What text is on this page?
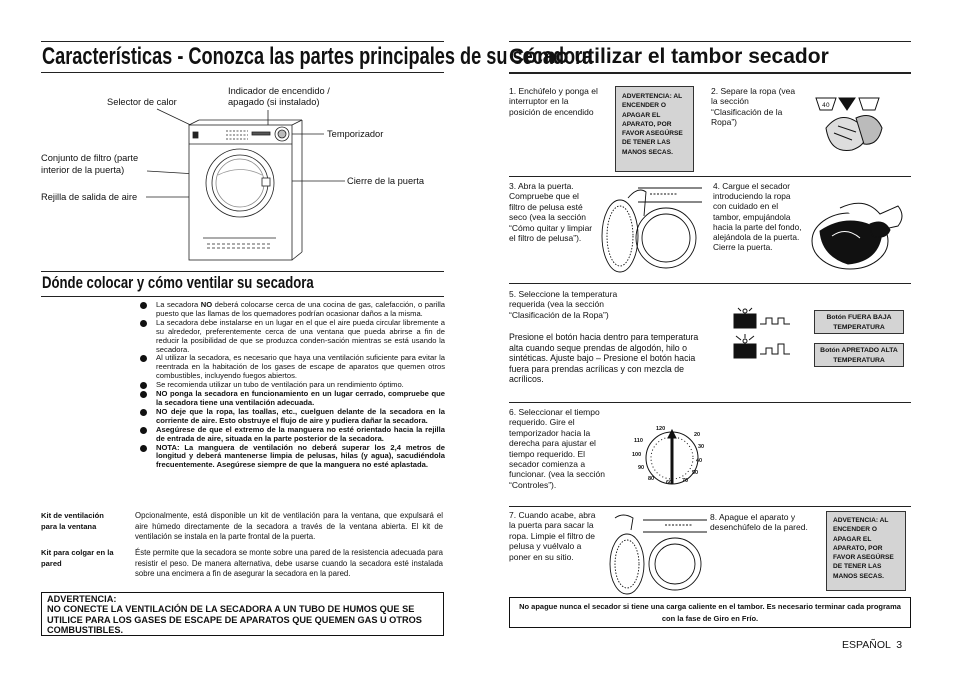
Características - Conozca las partes principales de su secadora
Selector de calor
Indicador de encendido /
apagado (si instalado)
Temporizador
Conjunto de filtro (parte
interior de la puerta)
Cierre de la puerta
Rejilla de salida de aire
Dónde colocar y cómo ventilar su secadora
La secadora NO deberá colocarse cerca de una cocina de gas, calefacción, o parilla puesto que las llamas de los quemadores podrían ocasionar daños a la misma.
La secadora debe instalarse en un lugar en el que el aire pueda circular libremente a su alrededor, preferentemente cerca de una ventana que pueda abrirse a fin de reducir la posibilidad de que se produzca conden-sación mientras se está usando la secadora.
Al utilizar la secadora, es necesario que haya una ventilación suficiente para evitar la reentrada en la habitación de los gases de escape de aparatos que quemen otros combustibles, incluyendo fuegos abiertos.
Se recomienda utilizar un tubo de ventilación para un rendimiento óptimo.
NO ponga la secadora en funcionamiento en un lugar cerrado, compruebe que la secadora tiene una ventilación adecuada.
NO deje que la ropa, las toallas, etc., cuelguen delante de la secadora en la corriente de aire. Esto obstruye el flujo de aire y pudiera dañar la secadora.
Asegúrese de que el extremo de la manguera no esté orientado hacia la rejilla de entrada de aire, situada en la parte posterior de la secadora.
NOTA: La manguera de ventilación no deberá superar los 2,4 metros de longitud y deberá mantenerse limpia de pelusas, hilas (y agua), sacudiéndola frecuentemente. Asegúrese siempre de que la manguera no esté aplastada.
Kit de ventilación
para la ventana
Opcionalmente, está disponible un kit de ventilación para la ventana, que expulsará el aire húmedo directamente de la secadora a través de la ventana abierta. El kit de ventilación se instala en la parte frontal de la puerta.
Kit para colgar en la
pared
Éste permite que la secadora se monte sobre una pared de la resistencia adecuada para resistir el peso. De manera alternativa, debe usarse cuando la secadora esté instalada sobre una encimera a fin de asegurar la secadora en la pared.
ADVERTENCIA:
NO CONECTE LA VENTILACIÓN DE LA SECADORA A UN TUBO DE HUMOS QUE SE UTILICE PARA LOS GASES DE ESCAPE DE APARATOS QUE QUEMEN GAS U OTROS COMBUSTIBLES.
Cómo utilizar el tambor secador
1. Enchúfelo y ponga el interruptor en la posición de encendido
ADVERTENCIA: AL ENCENDER O APAGAR EL APARATO, POR FAVOR ASEGÚRSE DE TENER LAS MANOS SECAS.
2. Separe la ropa (vea la sección “Clasificación de la Ropa”)
40
3. Abra la puerta. Compruebe que el filtro de pelusa esté seco (vea la sección “Cómo quitar y limpiar el filtro de pelusa”).
4. Cargue el secador introduciendo la ropa con cuidado en el tambor, empujándola hacia la parte del fondo, alejándola de la puerta. Cierre la puerta.
5. Seleccione la temperatura requerida (vea la sección “Clasificación de la Ropa”)
Presione el botón hacia dentro para temperatura alta cuando seque prendas de algodón, hilo o sintéticas. Ajuste bajo – Presione el botón hacia fuera para prendas acrílicas y con mezcla de acrílicos.
Botón FUERA BAJA TEMPERATURA
Botón APRETADO ALTA TEMPERATURA
6. Seleccionar el tiempo requerido. Gire el temporizador hacia la derecha para ajustar el tiempo requerido. El secador comienza a funcionar. (vea la sección “Controles”).
120
20
110
30
100
40
90
50
80	70
60
7. Cuando acabe, abra la puerta para sacar la ropa. Limpie el filtro de pelusa y vuélvalo a poner en su sitio.
8. Apague el aparato y desenchúfelo de la pared.
ADVETENCIA: AL ENCENDER O APAGAR EL APARATO, POR FAVOR ASEGÚRSE DE TENER LAS MANOS SECAS.
No apague nunca el secador si tiene una carga caliente en el tambor. Es necesario terminar cada programa con la fase de Giro en Frío.
ESPAÑOL  3
